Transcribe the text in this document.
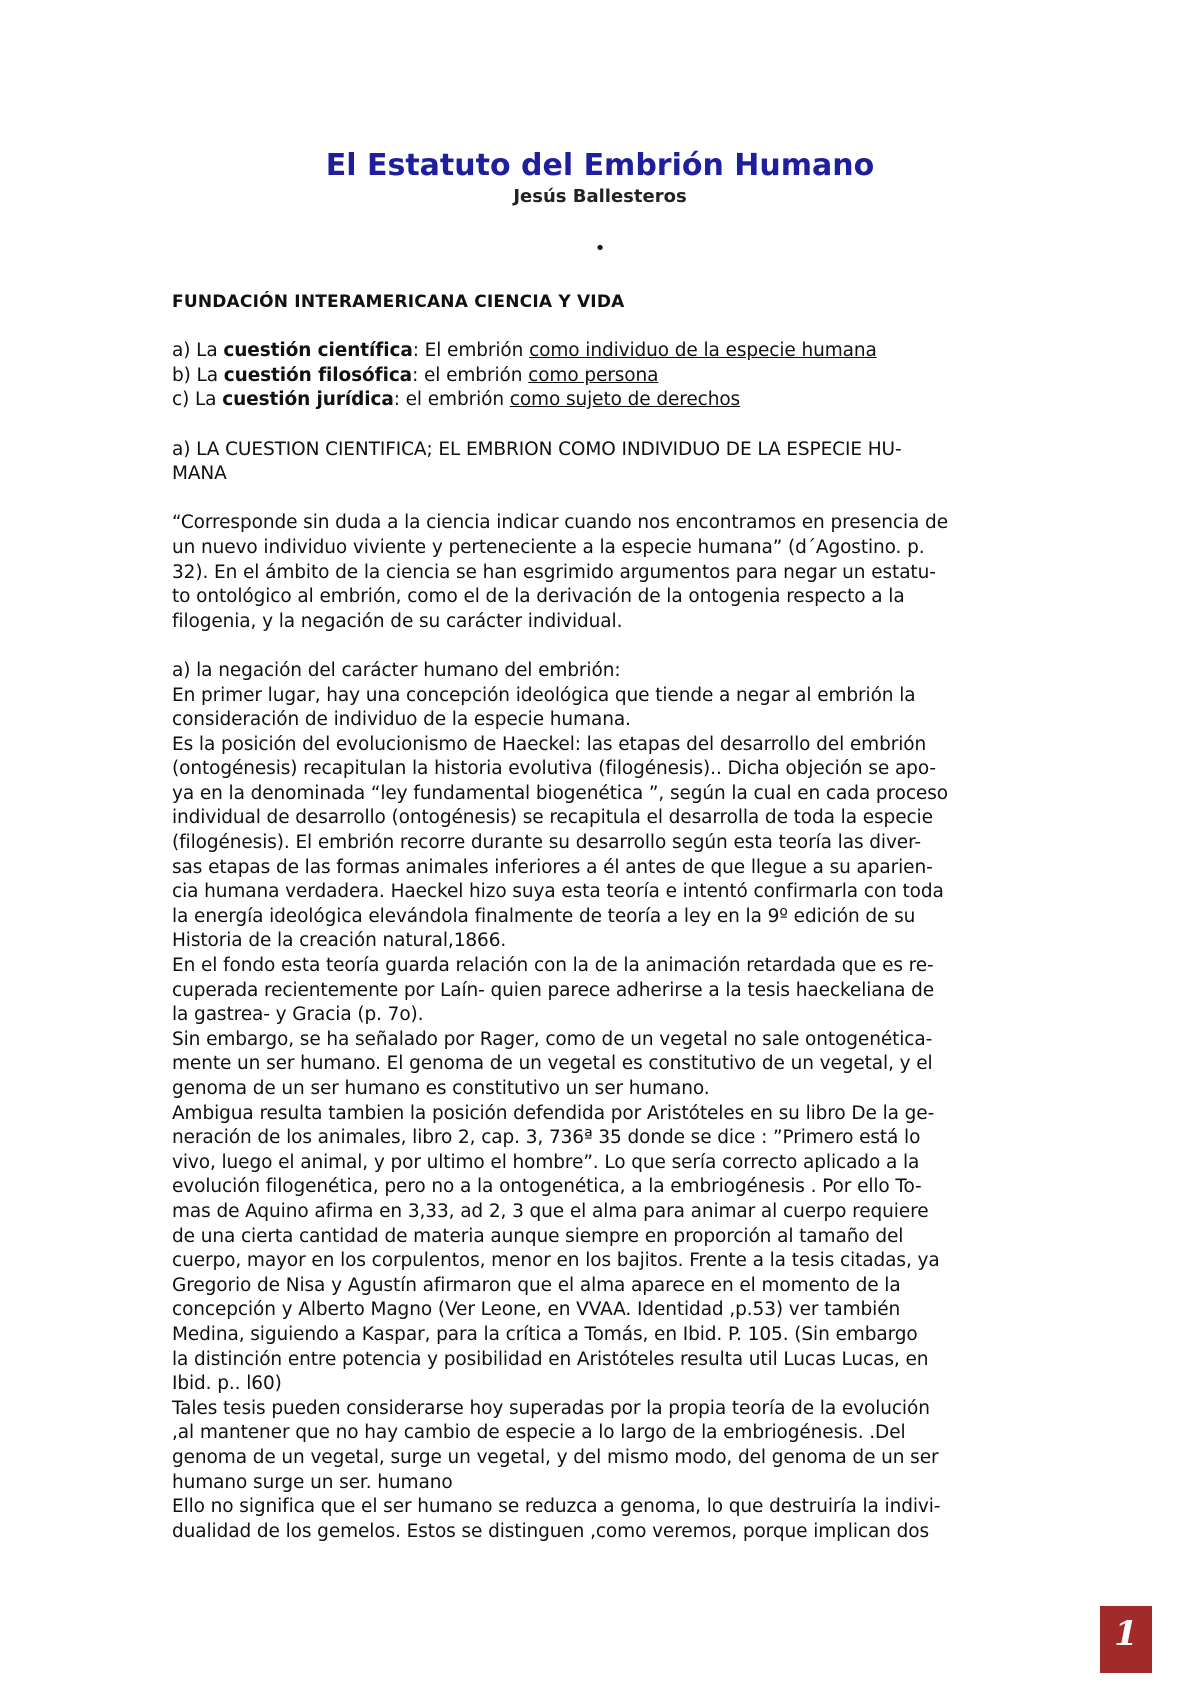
El Estatuto del Embrión Humano
Jesús Ballesteros
•

FUNDACIÓN INTERAMERICANA CIENCIA Y VIDA

a) La cuestión científica: El embrión como individuo de la especie humana

b) La cuestión filosófica: el embrión como persona

c) La cuestión jurídica: el embrión como sujeto de derechos

a) LA CUESTION CIENTIFICA; EL EMBRION COMO INDIVIDUO DE LA ESPECIE HU-

MANA

“Corresponde sin duda a la ciencia indicar cuando nos encontramos en presencia de

un nuevo individuo viviente y perteneciente a la especie humana” (d´Agostino. p.

32). En el ámbito de la ciencia se han esgrimido argumentos para negar un estatu-

to ontológico al embrión, como el de la derivación de la ontogenia respecto a la

filogenia, y la negación de su carácter individual.

a) la negación del carácter humano del embrión:

En primer lugar, hay una concepción ideológica que tiende a negar al embrión la

consideración de individuo de la especie humana.

Es la posición del evolucionismo de Haeckel: las etapas del desarrollo del embrión

(ontogénesis) recapitulan la historia evolutiva (filogénesis).. Dicha objeción se apo-

ya en la denominada “ley fundamental biogenética ”, según la cual en cada proceso

individual de desarrollo (ontogénesis) se recapitula el desarrolla de toda la especie

(filogénesis). El embrión recorre durante su desarrollo según esta teoría las diver-

sas etapas de las formas animales inferiores a él antes de que llegue a su aparien-

cia humana verdadera. Haeckel hizo suya esta teoría e intentó confirmarla con toda

la energía ideológica elevándola finalmente de teoría a ley en la 9º edición de su

Historia de la creación natural,1866.

En el fondo esta teoría guarda relación con la de la animación retardada que es re-

cuperada recientemente por Laín- quien parece adherirse a la tesis haeckeliana de

la gastrea- y Gracia (p. 7o).

Sin embargo, se ha señalado por Rager, como de un vegetal no sale ontogenética-

mente un ser humano. El genoma de un vegetal es constitutivo de un vegetal, y el

genoma de un ser humano es constitutivo un ser humano.

Ambigua resulta tambien la posición defendida por Aristóteles en su libro De la ge-

neración de los animales, libro 2, cap. 3, 736ª 35 donde se dice : ”Primero está lo

vivo, luego el animal, y por ultimo el hombre”. Lo que sería correcto aplicado a la

evolución filogenética, pero no a la ontogenética, a la embriogénesis . Por ello To-

mas de Aquino afirma en 3,33, ad 2, 3 que el alma para animar al cuerpo requiere

de una cierta cantidad de materia aunque siempre en proporción al tamaño del

cuerpo, mayor en los corpulentos, menor en los bajitos. Frente a la tesis citadas, ya

Gregorio de Nisa y Agustín afirmaron que el alma aparece en el momento de la

concepción y Alberto Magno (Ver Leone, en VVAA. Identidad ,p.53) ver también

Medina, siguiendo a Kaspar, para la crítica a Tomás, en Ibid. P. 105. (Sin embargo

la distinción entre potencia y posibilidad en Aristóteles resulta util Lucas Lucas, en

Ibid. p.. l60)

Tales tesis pueden considerarse hoy superadas por la propia teoría de la evolución

,al mantener que no hay cambio de especie a lo largo de la embriogénesis. .Del

genoma de un vegetal, surge un vegetal, y del mismo modo, del genoma de un ser

humano surge un ser. humano

Ello no significa que el ser humano se reduzca a genoma, lo que destruiría la indivi-

dualidad de los gemelos. Estos se distinguen ,como veremos, porque implican dos

1
